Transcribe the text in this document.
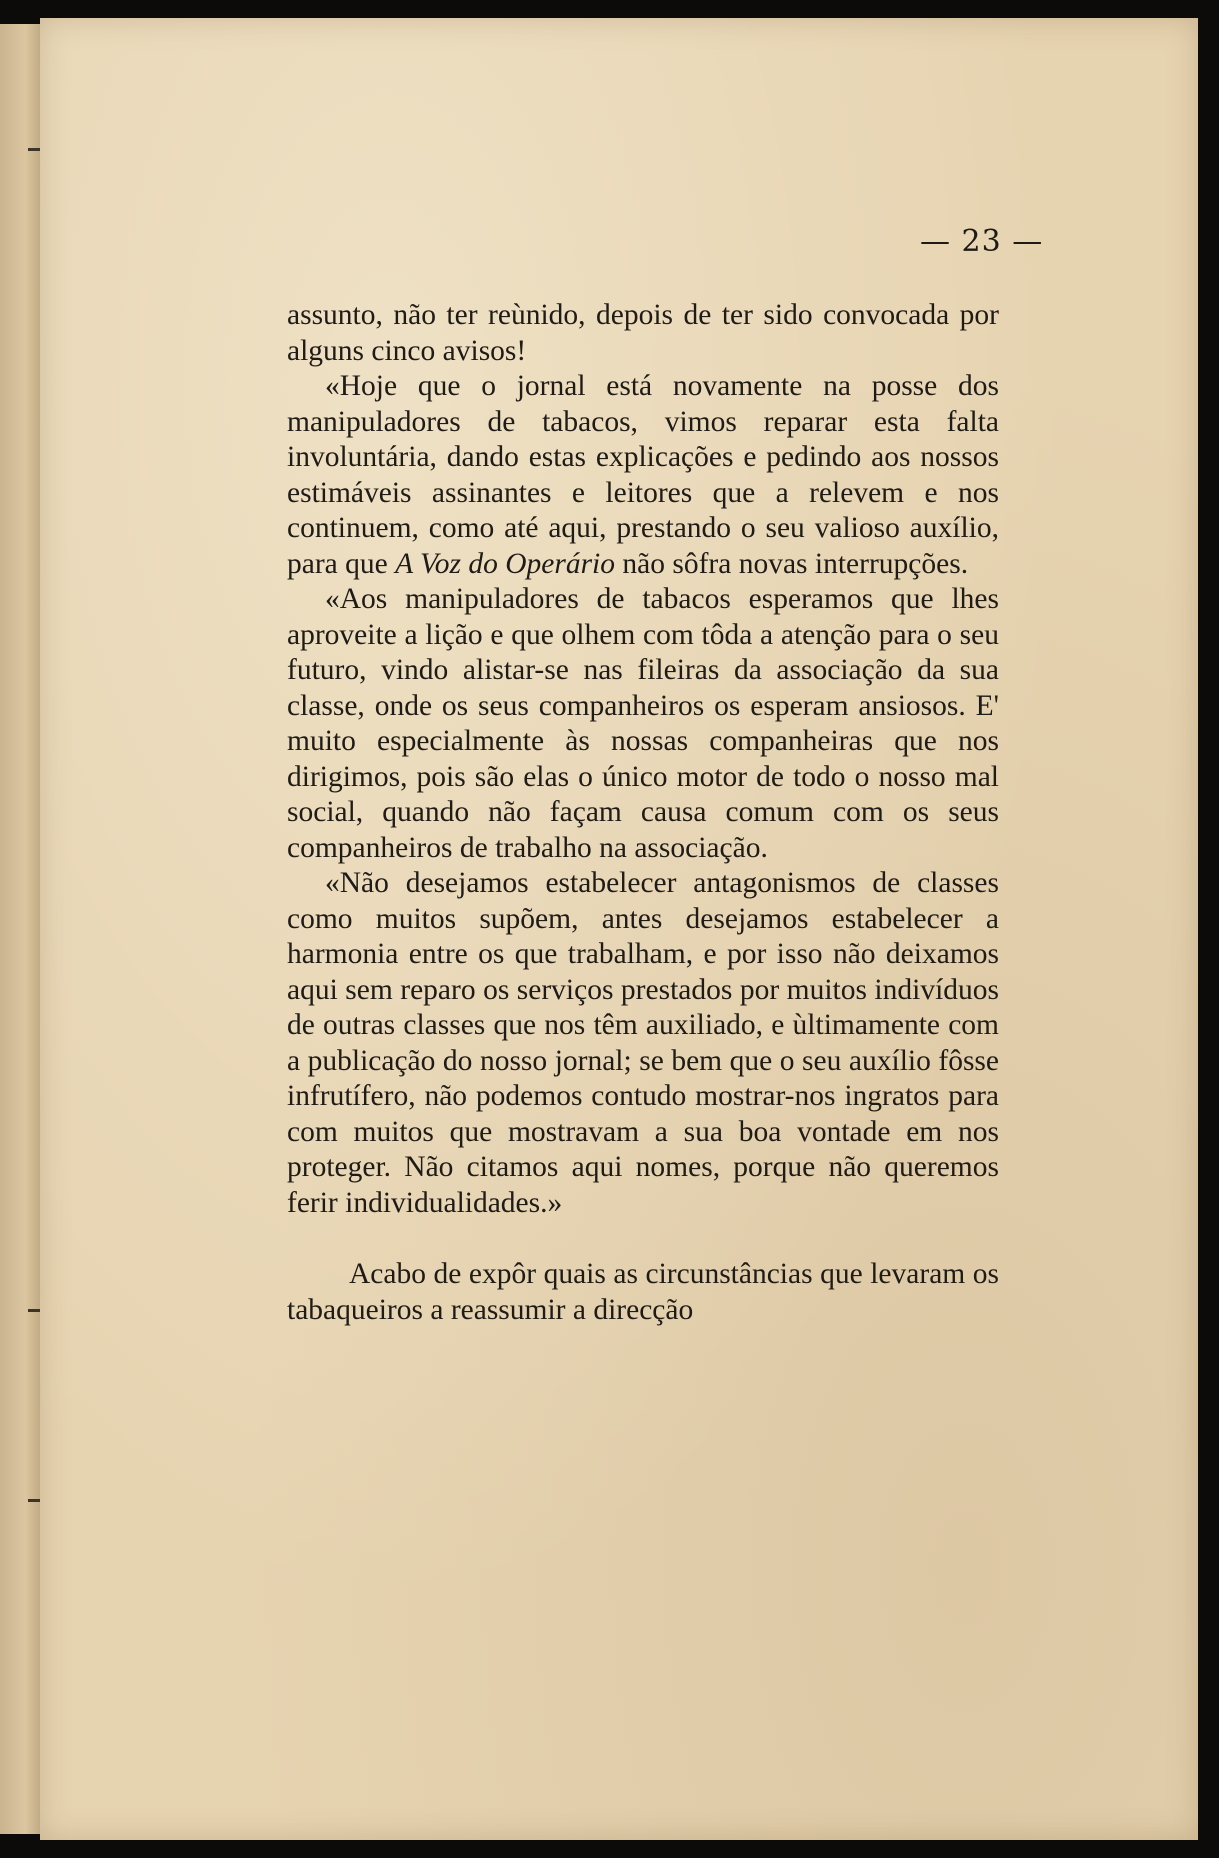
— 23 —

assunto, não ter reùnido, depois de ter sido convocada por alguns cinco avisos!

«Hoje que o jornal está novamente na posse dos manipuladores de tabacos, vimos reparar esta falta involuntária, dando estas explicações e pedindo aos nossos estimáveis assinantes e leitores que a relevem e nos continuem, como até aqui, prestando o seu valioso auxílio, para que A Voz do Operário não sôfra novas interrupções.

«Aos manipuladores de tabacos esperamos que lhes aproveite a lição e que olhem com tôda a atenção para o seu futuro, vindo alistar-se nas fileiras da associação da sua classe, onde os seus companheiros os esperam ansiosos. E' muito especialmente às nossas companheiras que nos dirigimos, pois são elas o único motor de todo o nosso mal social, quando não façam causa comum com os seus companheiros de trabalho na associação.

«Não desejamos estabelecer antagonismos de classes como muitos supõem, antes desejamos estabelecer a harmonia entre os que trabalham, e por isso não deixamos aqui sem reparo os serviços prestados por muitos indivíduos de outras classes que nos têm auxiliado, e ùltimamente com a publicação do nosso jornal; se bem que o seu auxílio fôsse infrutífero, não podemos contudo mostrar-nos ingratos para com muitos que mostravam a sua boa vontade em nos proteger. Não citamos aqui nomes, porque não queremos ferir individualidades.»

Acabo de expôr quais as circunstâncias que levaram os tabaqueiros a reassumir a direcção
